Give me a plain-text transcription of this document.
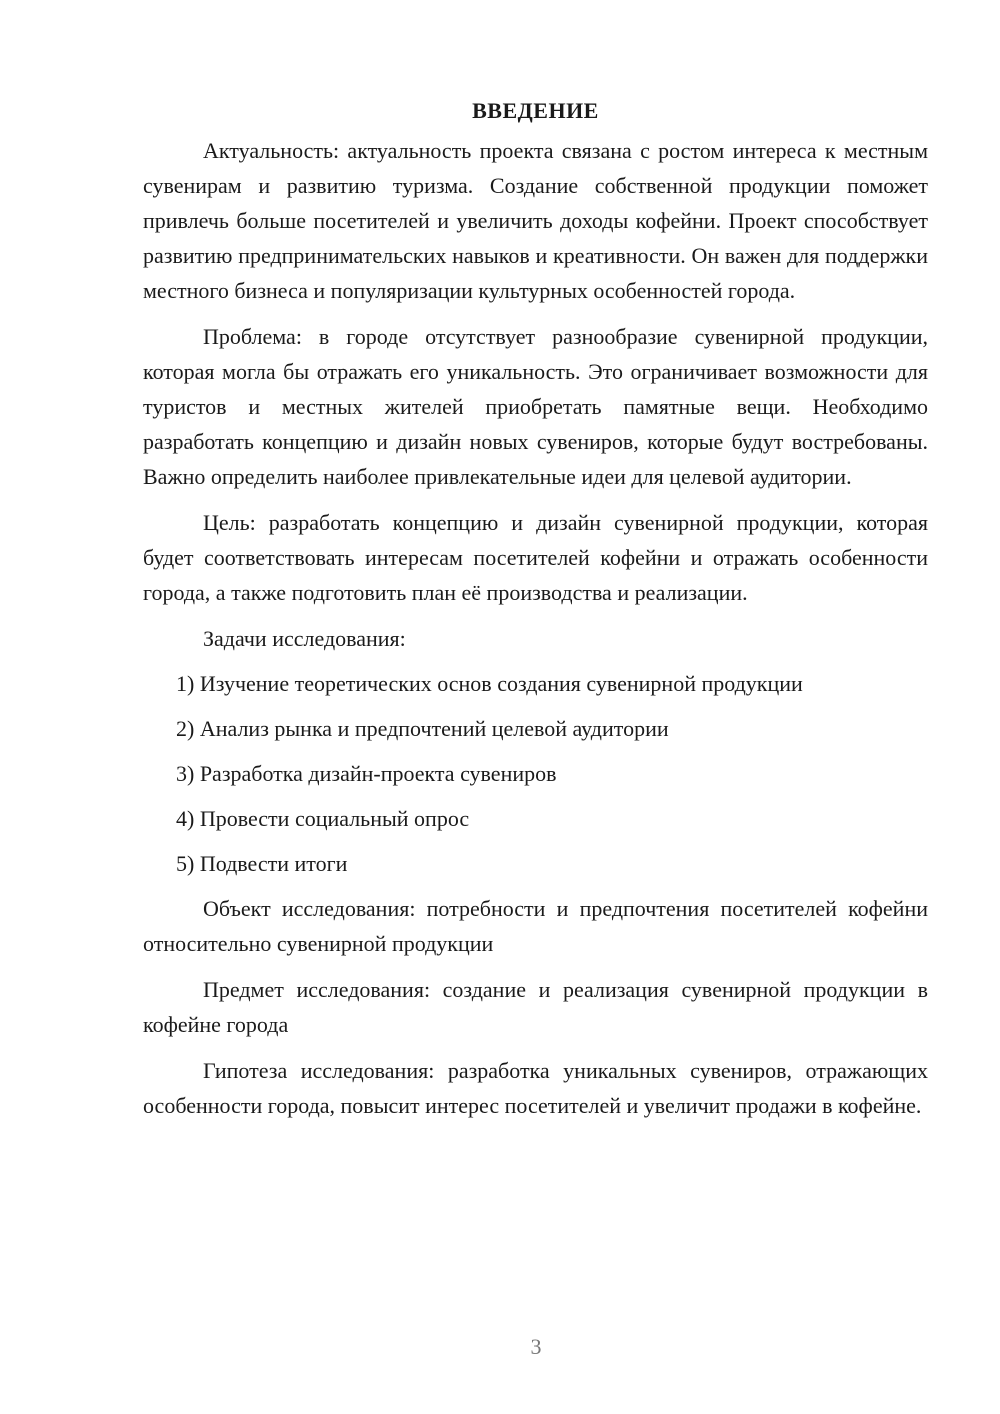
ВВЕДЕНИЕ

Актуальность: актуальность проекта связана с ростом интереса к местным сувенирам и развитию туризма. Создание собственной продукции поможет привлечь больше посетителей и увеличить доходы кофейни. Проект способствует развитию предпринимательских навыков и креативности. Он важен для поддержки местного бизнеса и популяризации культурных особенностей города.

Проблема: в городе отсутствует разнообразие сувенирной продукции, которая могла бы отражать его уникальность. Это ограничивает возможности для туристов и местных жителей приобретать памятные вещи. Необходимо разработать концепцию и дизайн новых сувениров, которые будут востребованы. Важно определить наиболее привлекательные идеи для целевой аудитории.

Цель: разработать концепцию и дизайн сувенирной продукции, которая будет соответствовать интересам посетителей кофейни и отражать особенности города, а также подготовить план её производства и реализации.

Задачи исследования:
1) Изучение теоретических основ создания сувенирной продукции
2) Анализ рынка и предпочтений целевой аудитории
3) Разработка дизайн-проекта сувениров
4) Провести социальный опрос
5) Подвести итоги

Объект исследования: потребности и предпочтения посетителей кофейни относительно сувенирной продукции

Предмет исследования: создание и реализация сувенирной продукции в кофейне города

Гипотеза исследования: разработка уникальных сувениров, отражающих особенности города, повысит интерес посетителей и увеличит продажи в кофейне.

3
